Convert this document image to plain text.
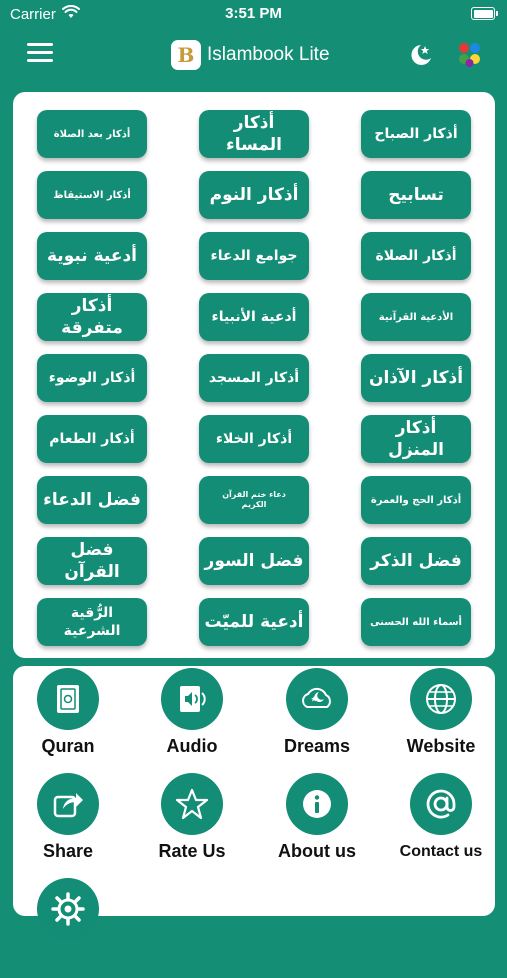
Carrier	3:51 PM
B Islambook Lite
أذكار الصباح
أذكار المساء
أذكار بعد الصلاة
تسابيح
أذكار النوم
أذكار الاستيقاظ
أذكار الصلاة
جوامع الدعاء
أدعية نبوية
الأدعية القرآنية
أدعية الأنبياء
أذكار متفرقة
أذكار الآذان
أذكار المسجد
أذكار الوضوء
أذكار المنزل
أذكار الخلاء
أذكار الطعام
أذكار الحج والعمرة
دعاء ختم القرآن الكريم
فضل الدعاء
فضل الذكر
فضل السور
فضل القرآن
أسماء الله الحسنى
أدعية للميّت
الرُّقية الشرعية
Quran	Audio	Dreams	Website
Share	Rate Us	About us	Contact us
